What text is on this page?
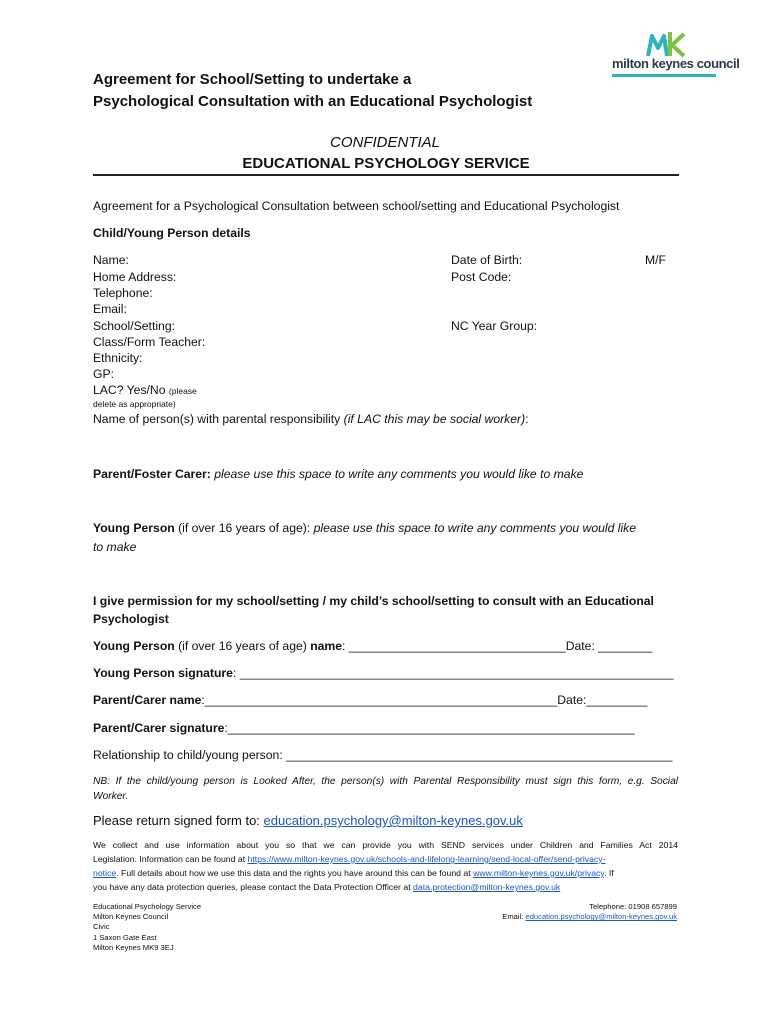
milton keynes council
Agreement for School/Setting to undertake a
Psychological Consultation with an Educational Psychologist
CONFIDENTIAL
EDUCATIONAL PSYCHOLOGY SERVICE
Agreement for a Psychological Consultation between school/setting and Educational Psychologist
Child/Young Person details
Name:	Date of Birth:	M/F
Home Address:	Post Code:
Telephone:
Email:
School/Setting:	NC Year Group:
Class/Form Teacher:
Ethnicity:
GP:
LAC? Yes/No (please
delete as appropriate)
Name of person(s) with parental responsibility (if LAC this may be social worker):
Parent/Foster Carer: please use this space to write any comments you would like to make
Young Person (if over 16 years of age): please use this space to write any comments you would like
to make
I give permission for my school/setting / my child’s school/setting to consult with an Educational
Psychologist
Young Person (if over 16 years of age) name: ________________________________Date: ________
Young Person signature: ________________________________________________________________
Parent/Carer name:____________________________________________________Date:_________
Parent/Carer signature:____________________________________________________________
Relationship to child/young person: _________________________________________________________
NB: If the child/young person is Looked After, the person(s) with Parental Responsibility must sign this form, e.g. Social
Worker.
Please return signed form to: education.psychology@milton-keynes.gov.uk
We collect and use information about you so that we can provide you with SEND services under Children and Families Act 2014
Legislation. Information can be found at https://www.milton-keynes.gov.uk/schools-and-lifelong-learning/send-local-offer/send-privacy-
notice. Full details about how we use this data and the rights you have around this can be found at www.milton-keynes.gov.uk/privacy. If
you have any data protection queries, please contact the Data Protection Officer at data.protection@milton-keynes.gov.uk
Educational Psychology Service
Milton Keynes Council
Civic
1 Saxon Gate East
Milton Keynes MK9 3EJ
Telephone: 01908 657899
Email: education.psychology@milton-keynes.gov.uk
